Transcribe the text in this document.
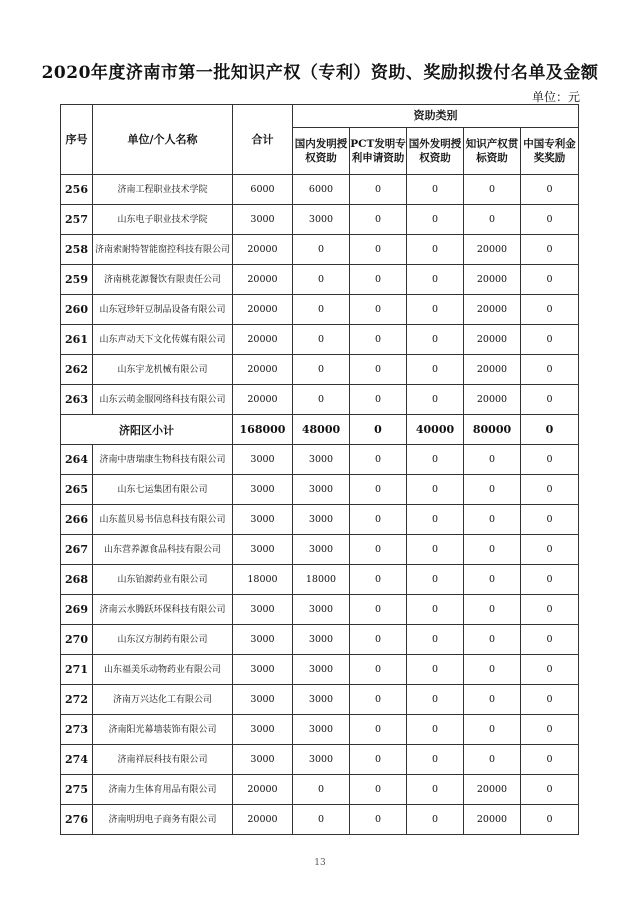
2020年度济南市第一批知识产权（专利）资助、奖励拟拨付名单及金额
单位：元
序号	单位/个人名称	合计	资助类别				
			国内发明授权资助	PCT发明专利申请资助	国外发明授权资助	知识产权贯标资助	中国专利金奖奖励
256	济南工程职业技术学院	6000	6000	0	0	0	0
257	山东电子职业技术学院	3000	3000	0	0	0	0
258	济南索耐特智能窗控科技有限公司	20000	0	0	0	20000	0
259	济南桃花源餐饮有限责任公司	20000	0	0	0	20000	0
260	山东冠珍轩豆制品设备有限公司	20000	0	0	0	20000	0
261	山东声动天下文化传媒有限公司	20000	0	0	0	20000	0
262	山东宇龙机械有限公司	20000	0	0	0	20000	0
263	山东云萌金服网络科技有限公司	20000	0	0	0	20000	0
济阳区小计		168000	48000	0	40000	80000	0
264	济南中唐瑞康生物科技有限公司	3000	3000	0	0	0	0
265	山东七运集团有限公司	3000	3000	0	0	0	0
266	山东蓝贝易书信息科技有限公司	3000	3000	0	0	0	0
267	山东营养源食品科技有限公司	3000	3000	0	0	0	0
268	山东铂源药业有限公司	18000	18000	0	0	0	0
269	济南云水腾跃环保科技有限公司	3000	3000	0	0	0	0
270	山东汉方制药有限公司	3000	3000	0	0	0	0
271	山东福美乐动物药业有限公司	3000	3000	0	0	0	0
272	济南万兴达化工有限公司	3000	3000	0	0	0	0
273	济南阳光幕墙装饰有限公司	3000	3000	0	0	0	0
274	济南祥辰科技有限公司	3000	3000	0	0	0	0
275	济南力生体育用品有限公司	20000	0	0	0	20000	0
276	济南明玥电子商务有限公司	20000	0	0	0	20000	0
13
